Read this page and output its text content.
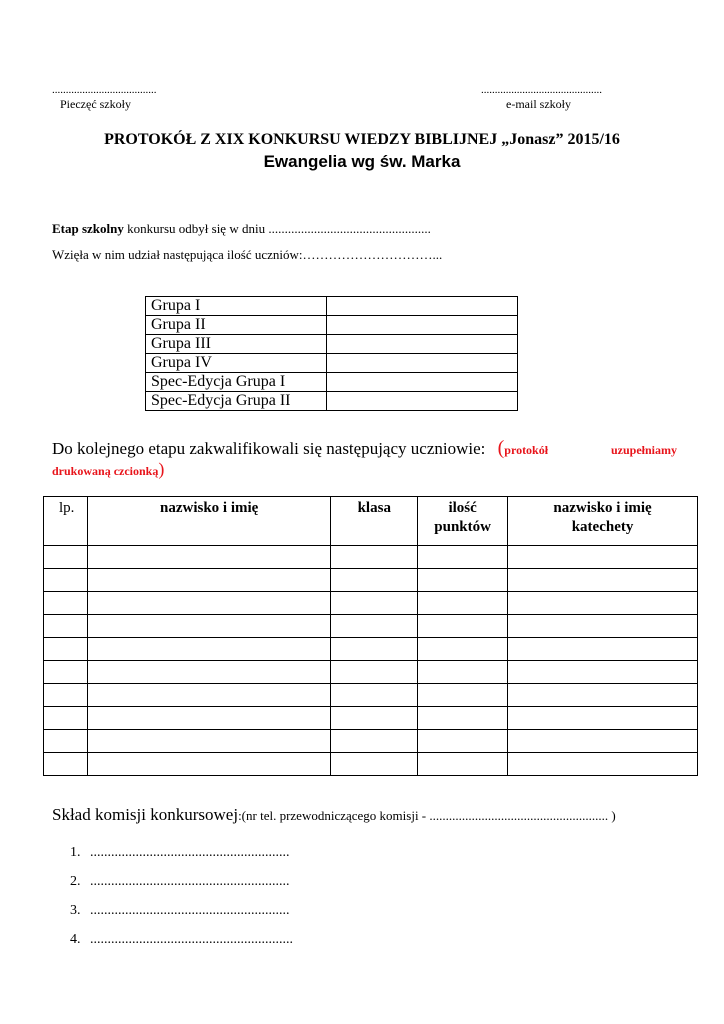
......................................
Pieczęć szkoły
............................................
e-mail szkoły
PROTOKÓŁ Z XIX KONKURSU WIEDZY BIBLIJNEJ „Jonasz” 2015/16
Ewangelia wg św. Marka
Etap szkolny konkursu odbył się w dniu ..................................................
Wzięła w nim udział następująca ilość uczniów:…………………………...
Grupa I	
Grupa II	
Grupa III	
Grupa IV	
Spec-Edycja Grupa I	
Spec-Edycja Grupa II	
Do kolejnego etapu zakwalifikowali się następujący uczniowie: (protokół	uzupełniamy
drukowaną czcionką)
lp.	nazwisko i imię	klasa	ilość punktów	nazwisko i imię katechety

Skład komisji konkursowej:(nr tel. przewodniczącego komisji - ....................................................... )
1. .........................................................
2. .........................................................
3. .........................................................
4. ..........................................................
